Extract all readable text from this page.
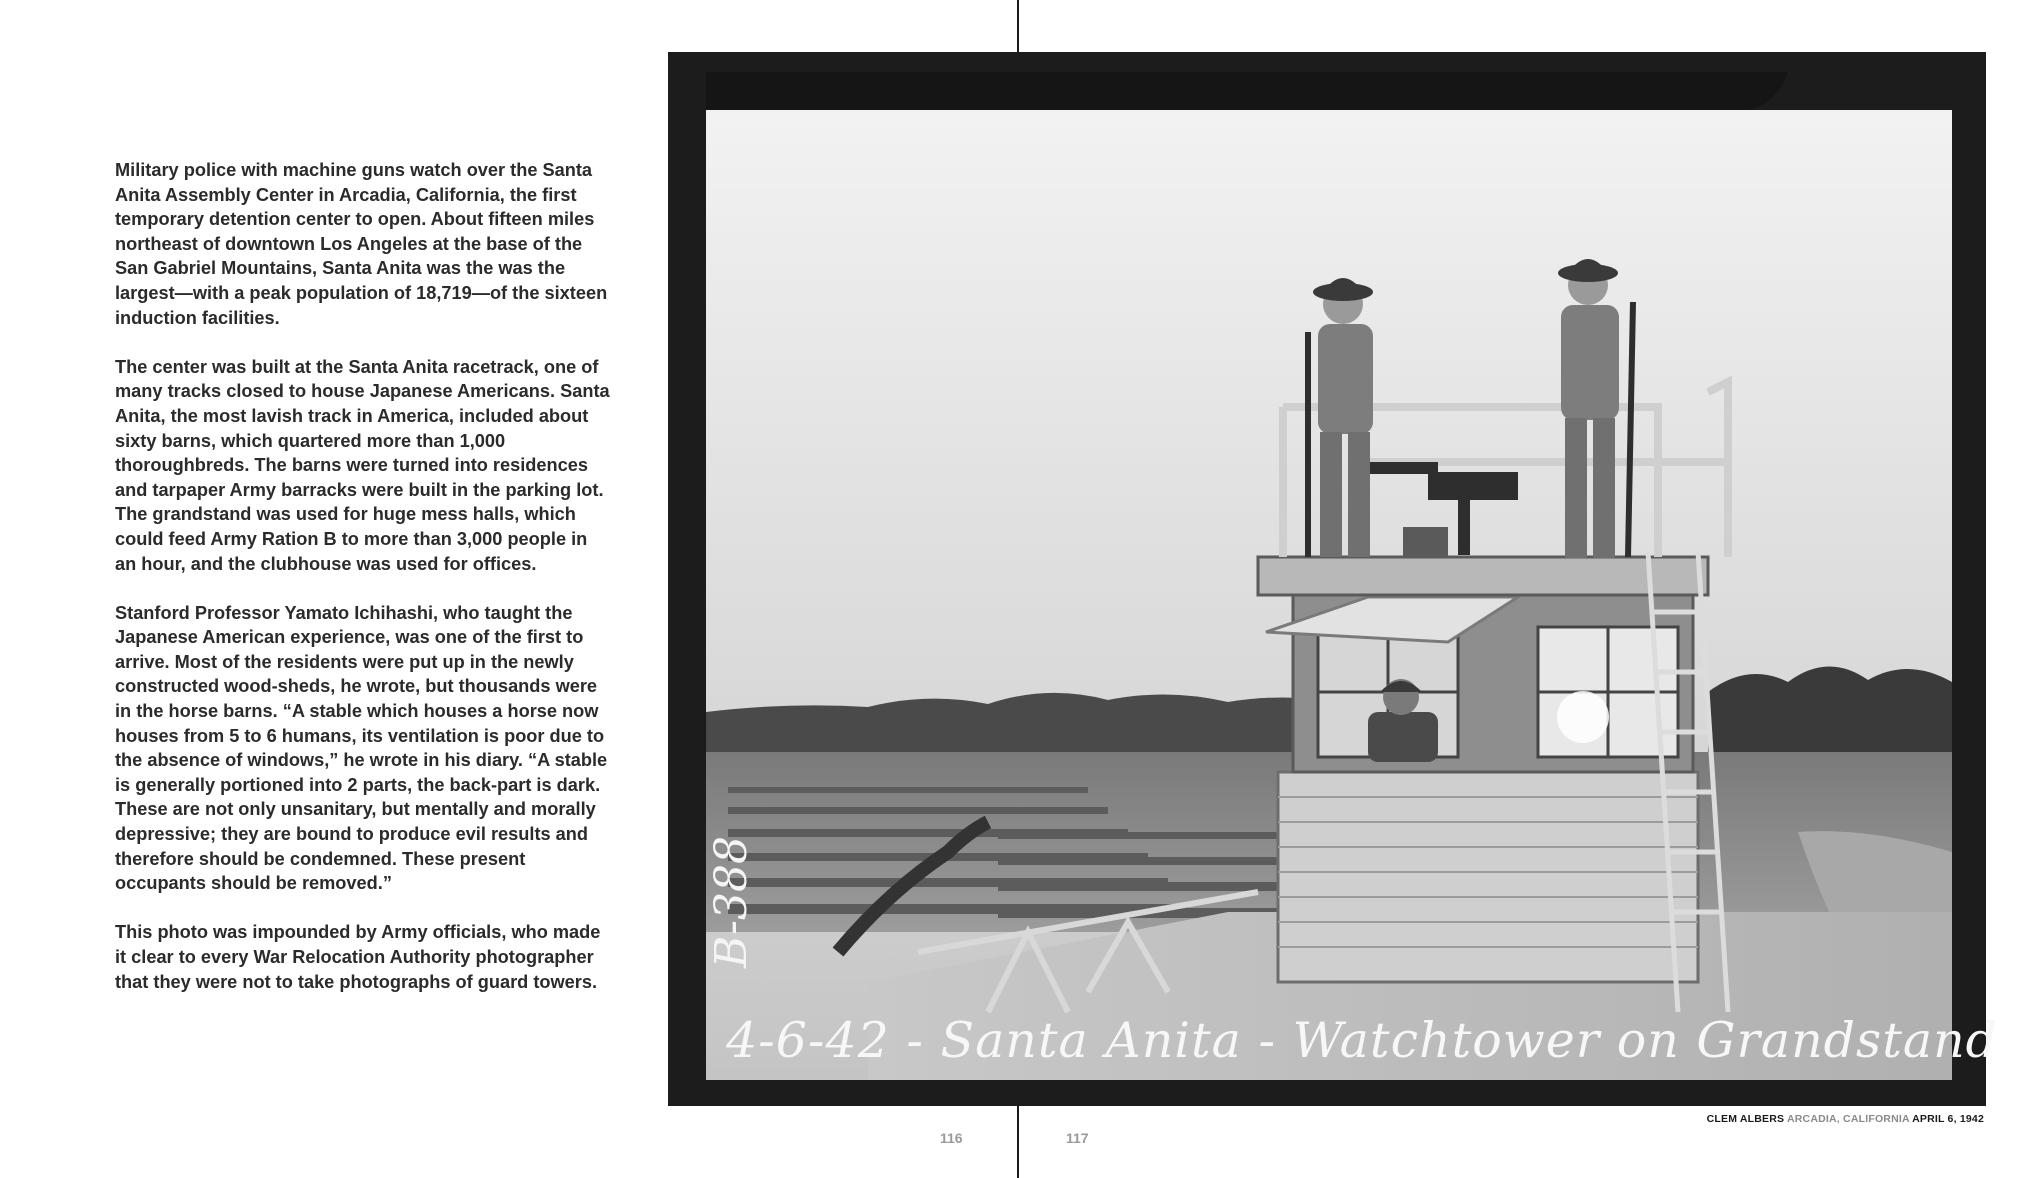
Military police with machine guns watch over the Santa Anita Assembly Center in Arcadia, California, the first temporary detention center to open. About fifteen miles northeast of downtown Los Angeles at the base of the San Gabriel Mountains, Santa Anita was the was the largest—with a peak population of 18,719—of the sixteen induction facilities.

The center was built at the Santa Anita racetrack, one of many tracks closed to house Japanese Americans. Santa Anita, the most lavish track in America, included about sixty barns, which quartered more than 1,000 thoroughbreds. The barns were turned into residences and tarpaper Army barracks were built in the parking lot. The grandstand was used for huge mess halls, which could feed Army Ration B to more than 3,000 people in an hour, and the clubhouse was used for offices.

Stanford Professor Yamato Ichihashi, who taught the Japanese American experience, was one of the first to arrive. Most of the residents were put up in the newly constructed wood-sheds, he wrote, but thousands were in the horse barns. “A stable which houses a horse now houses from 5 to 6 humans, its ventilation is poor due to the absence of windows,” he wrote in his diary. “A stable is generally portioned into 2 parts, the back-part is dark. These are not only unsanitary, but mentally and morally depressive; they are bound to produce evil results and therefore should be condemned. These present occupants should be removed.”

This photo was impounded by Army officials, who made it clear to every War Relocation Authority photographer that they were not to take photographs of guard towers.

B-388
4-6-42 - Santa Anita - Watchtower on Grandstand
CLEM ALBERS ARCADIA, CALIFORNIA APRIL 6, 1942
116	117
